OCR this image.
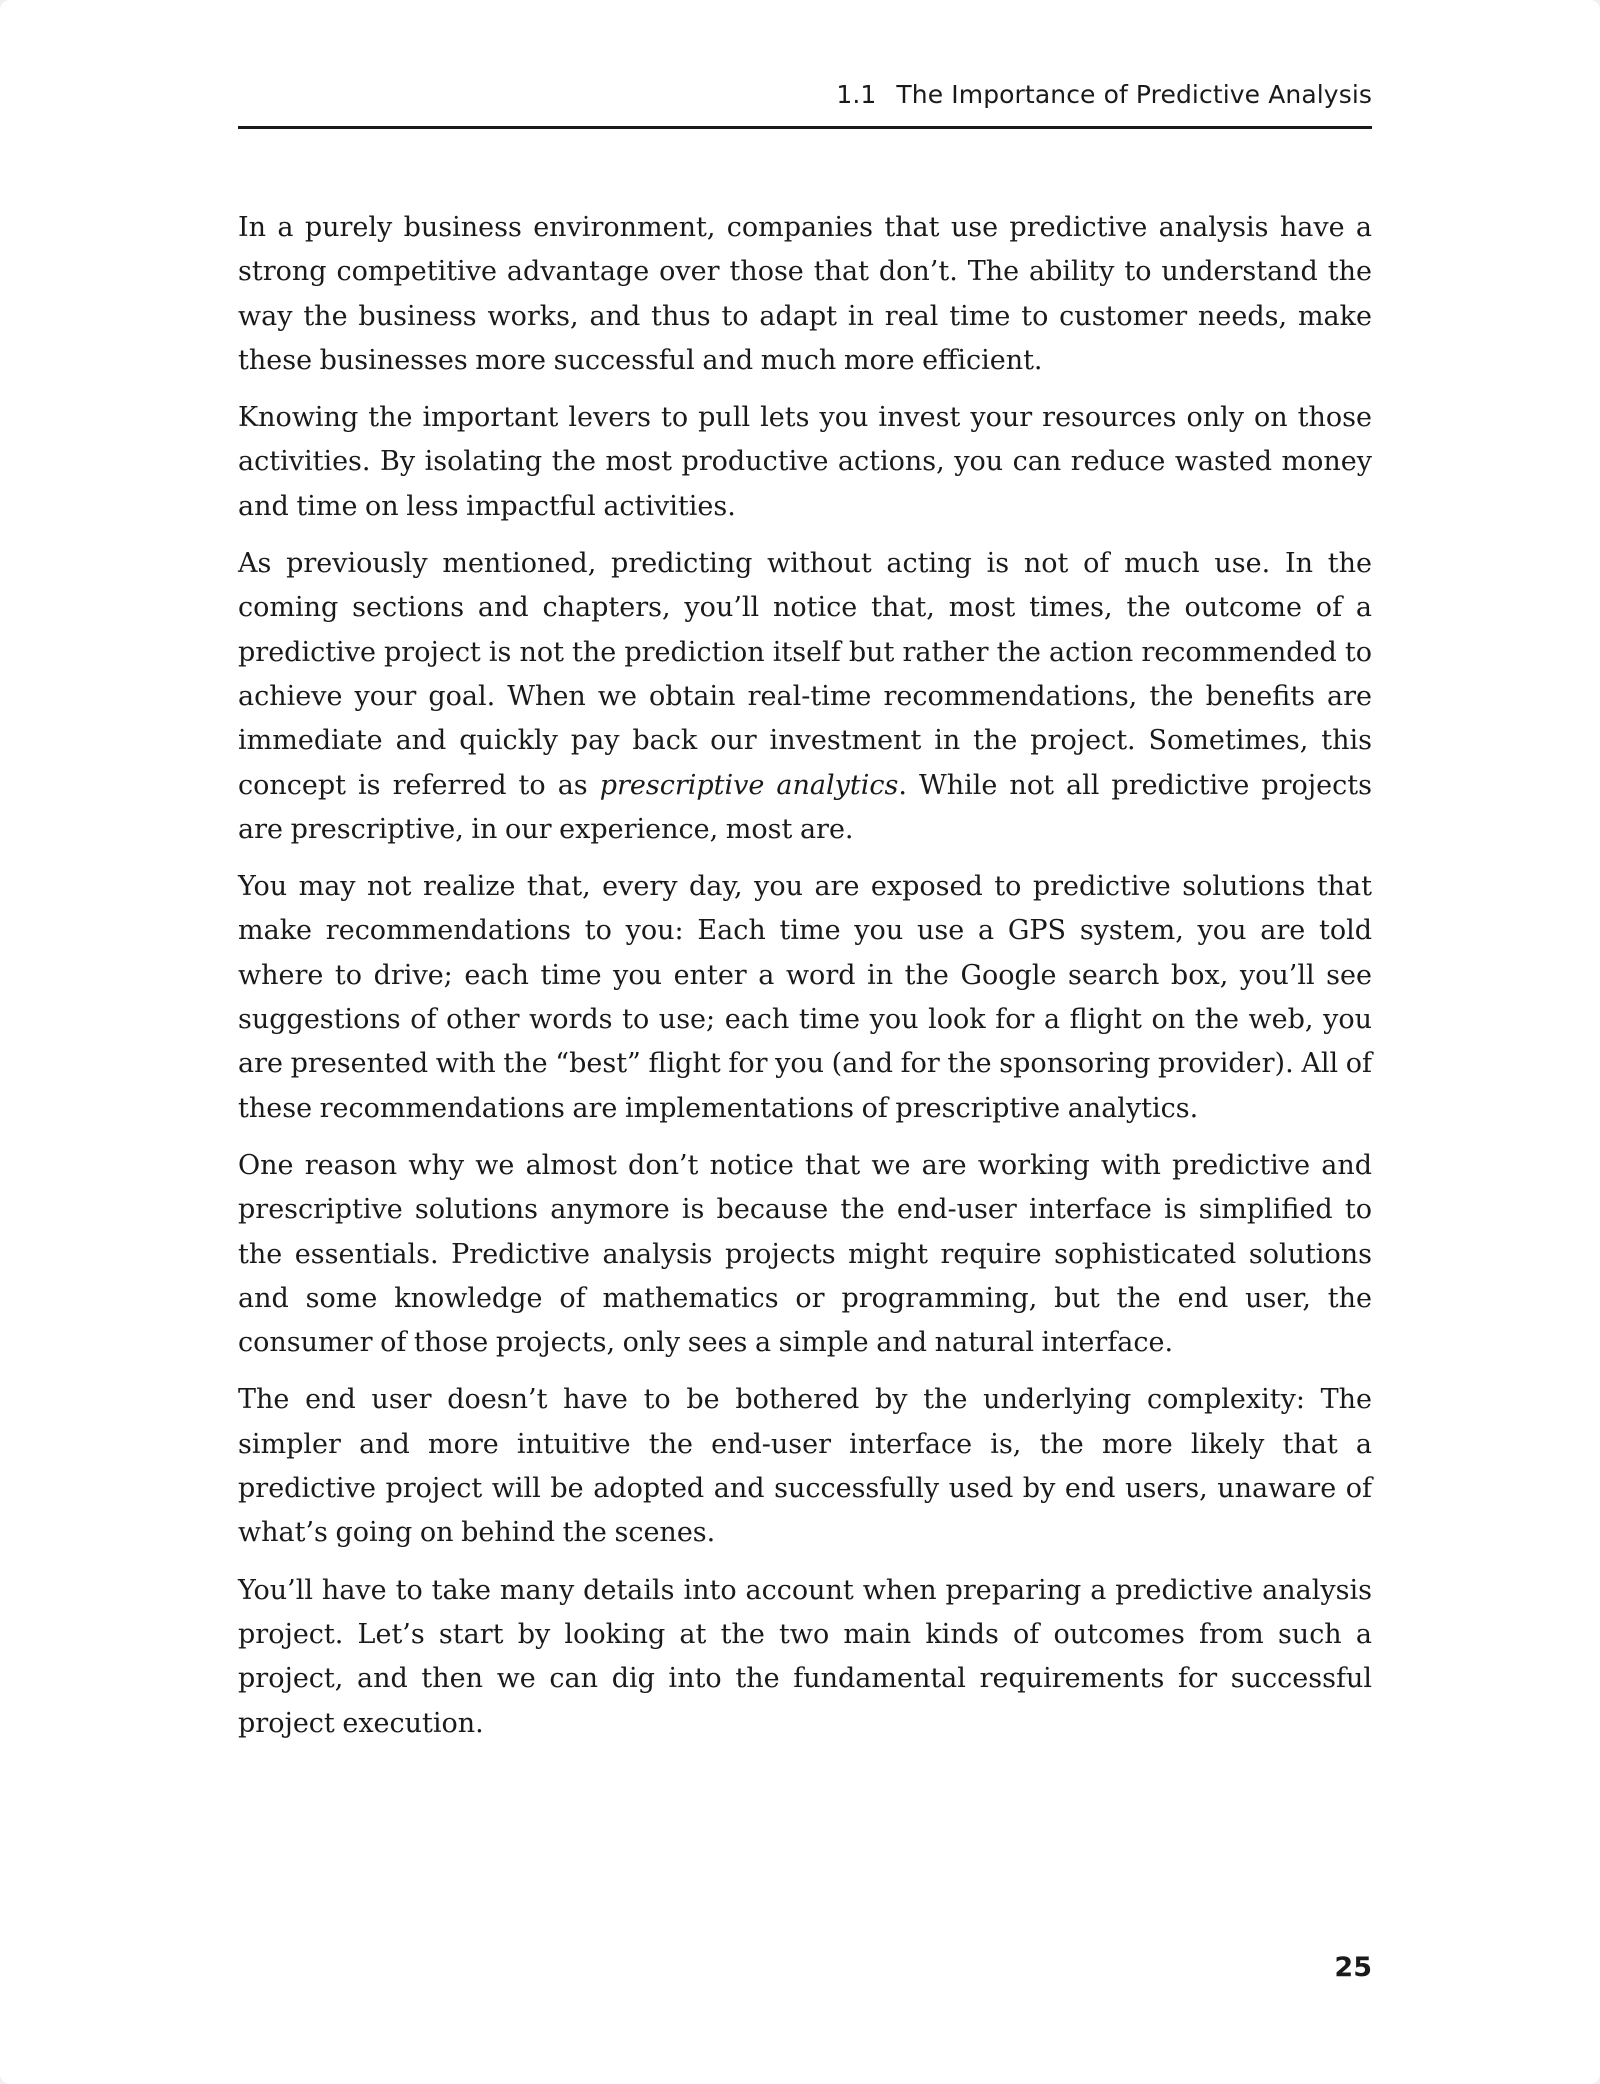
1.1 The Importance of Predictive Analysis

In a purely business environment, companies that use predictive analysis have a strong competitive advantage over those that don’t. The ability to understand the way the business works, and thus to adapt in real time to customer needs, make these businesses more successful and much more efficient.

Knowing the important levers to pull lets you invest your resources only on those activities. By isolating the most productive actions, you can reduce wasted money and time on less impactful activities.

As previously mentioned, predicting without acting is not of much use. In the coming sections and chapters, you’ll notice that, most times, the outcome of a predictive project is not the prediction itself but rather the action recommended to achieve your goal. When we obtain real-time recommendations, the benefits are immediate and quickly pay back our investment in the project. Sometimes, this concept is referred to as prescriptive analytics. While not all predictive projects are prescriptive, in our experience, most are.

You may not realize that, every day, you are exposed to predictive solutions that make recommendations to you: Each time you use a GPS system, you are told where to drive; each time you enter a word in the Google search box, you’ll see suggestions of other words to use; each time you look for a flight on the web, you are presented with the “best” flight for you (and for the sponsoring provider). All of these recommendations are implementations of prescriptive analytics.

One reason why we almost don’t notice that we are working with predictive and prescriptive solutions anymore is because the end-user interface is simplified to the essentials. Predictive analysis projects might require sophisticated solutions and some knowledge of mathematics or programming, but the end user, the consumer of those projects, only sees a simple and natural interface.

The end user doesn’t have to be bothered by the underlying complexity: The simpler and more intuitive the end-user interface is, the more likely that a predictive project will be adopted and successfully used by end users, unaware of what’s going on behind the scenes.

You’ll have to take many details into account when preparing a predictive analysis project. Let’s start by looking at the two main kinds of outcomes from such a project, and then we can dig into the fundamental requirements for successful project execution.

25
